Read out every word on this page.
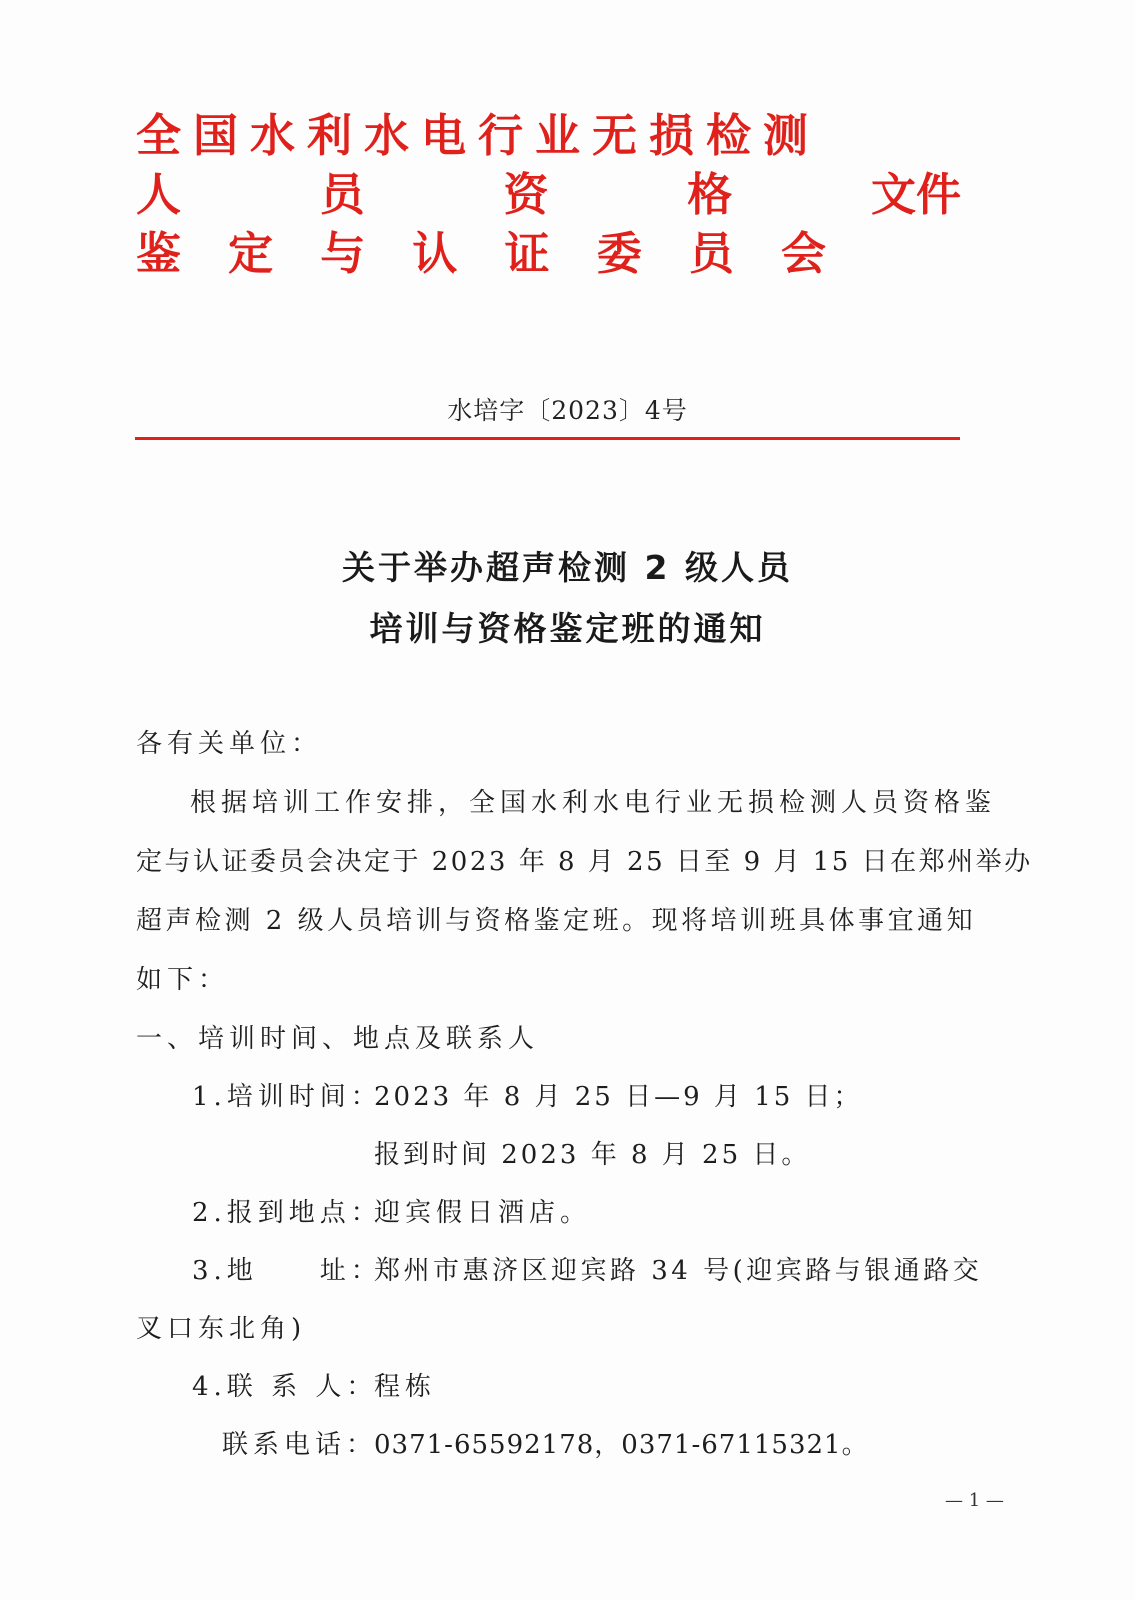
全国水利水电行业无损检测
人	员	资	格	文件
鉴 定 与 认 证 委 员 会
水培字〔2023〕4号
关于举办超声检测 2 级人员
培训与资格鉴定班的通知
各有关单位：
根据培训工作安排，全国水利水电行业无损检测人员资格鉴
定与认证委员会决定于 2023 年 8 月 25 日至 9 月 15 日在郑州举办
超声检测 2 级人员培训与资格鉴定班。现将培训班具体事宜通知
如下：
一、培训时间、地点及联系人
1.培训时间：
2023 年 8 月 25 日—9 月 15 日；
报到时间 2023 年 8 月 25 日。
2.报到地点：
迎宾假日酒店。
3.地　　址：
郑州市惠济区迎宾路 34 号(迎宾路与银通路交
叉口东北角)
4.联 系 人：
程栋
联系电话：
0371-65592178，0371-67115321。
— 1 —
